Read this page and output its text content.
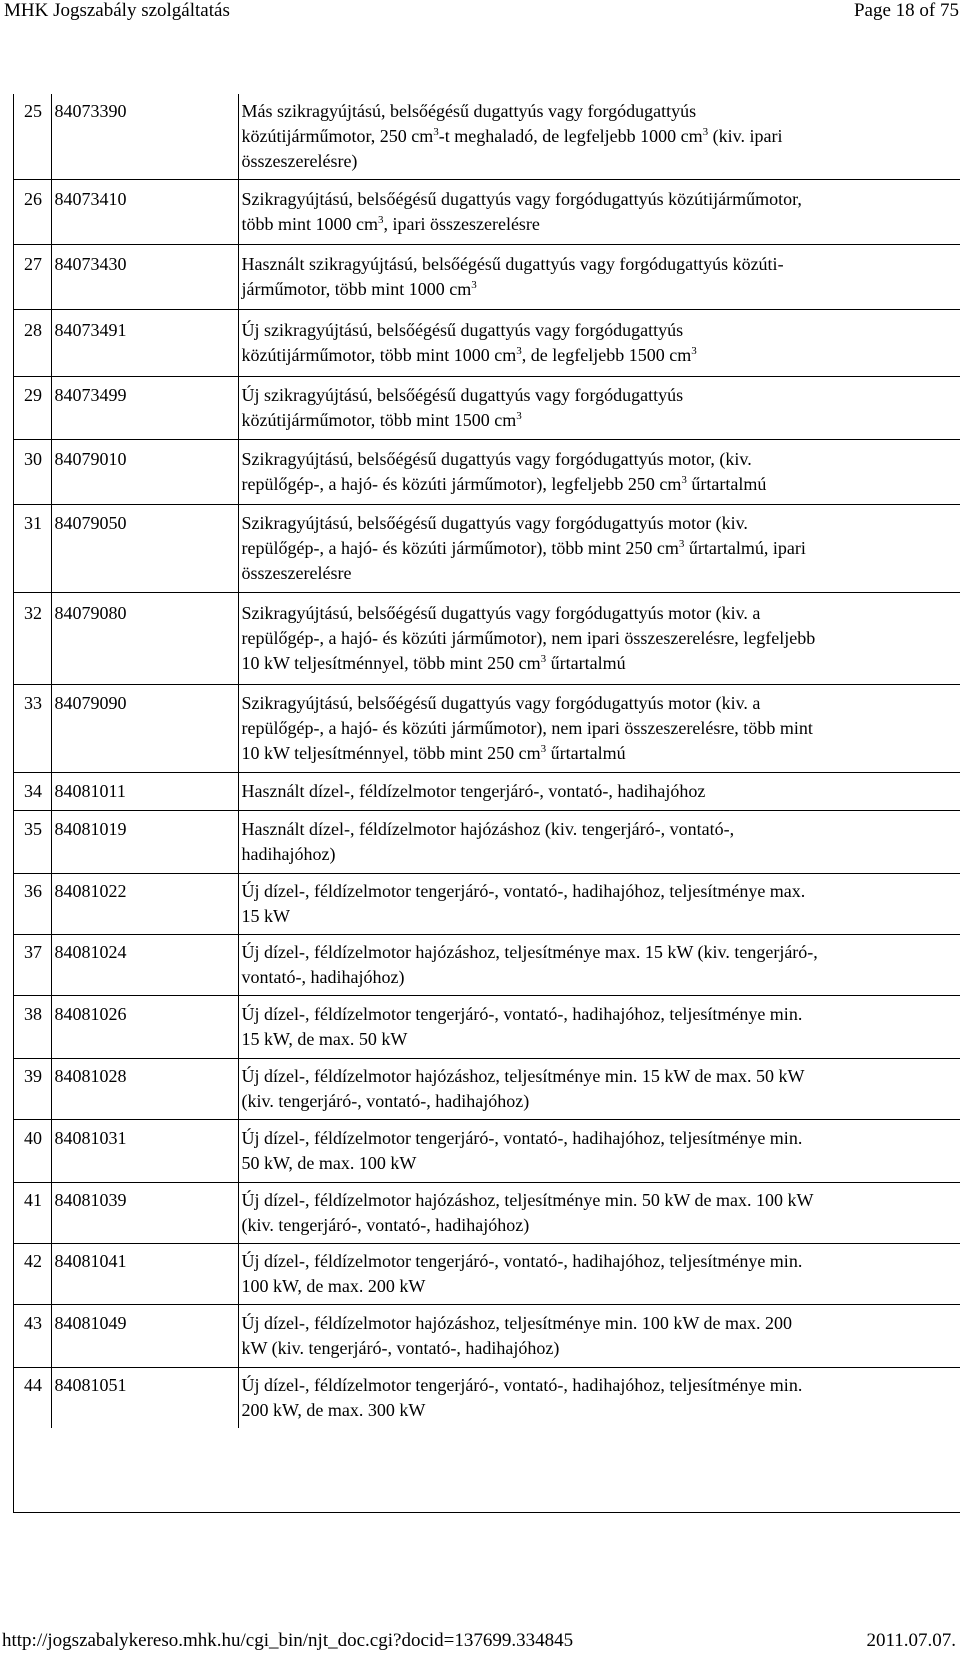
MHK Jogszabály szolgáltatás	Page 18 of 75
25	84073390	Más szikragyújtású, belsőégésű dugattyús vagy forgódugattyús
közútijárműmotor, 250 $cm^3-t$ meghaladó, de legfeljebb 1000 $cm^3$ (kiv. ipari
összeszerelésre)

26	84073410	Szikragyújtású, belsőégésű dugattyús vagy forgódugattyús közútijárműmotor,
több mint 1000 $cm^3$, ipari összeszerelésre

27	84073430	Használt szikragyújtású, belsőégésű dugattyús vagy forgódugattyús közúti-
járműmotor, több mint 1000 $cm^3$

28	84073491	Új szikragyújtású, belsőégésű dugattyús vagy forgódugattyús
közútijárműmotor, több mint 1000 $cm^3$, de legfeljebb 1500 $cm^3$

29	84073499	Új szikragyújtású, belsőégésű dugattyús vagy forgódugattyús
közútijárműmotor, több mint 1500 $cm^3$

30	84079010	Szikragyújtású, belsőégésű dugattyús vagy forgódugattyús motor, (kiv.
repülőgép-, a hajó- és közúti járműmotor), legfeljebb 250 $cm^3$ űrtartalmú

31	84079050	Szikragyújtású, belsőégésű dugattyús vagy forgódugattyús motor (kiv.
repülőgép-, a hajó- és közúti járműmotor), több mint 250 $cm^3$ űrtartalmú, ipari
összeszerelésre

32	84079080	Szikragyújtású, belsőégésű dugattyús vagy forgódugattyús motor (kiv. a
repülőgép-, a hajó- és közúti járműmotor), nem ipari összeszerelésre, legfeljebb
10 kW teljesítménnyel, több mint 250 $cm^3$ űrtartalmú

33	84079090	Szikragyújtású, belsőégésű dugattyús vagy forgódugattyús motor (kiv. a
repülőgép-, a hajó- és közúti járműmotor), nem ipari összeszerelésre, több mint
10 kW teljesítménnyel, több mint 250 $cm^3$ űrtartalmú

34	84081011	Használt dízel-, féldízelmotor tengerjáró-, vontató-, hadihajóhoz

35	84081019	Használt dízel-, féldízelmotor hajózáshoz (kiv. tengerjáró-, vontató-,
hadihajóhoz)

36	84081022	Új dízel-, féldízelmotor tengerjáró-, vontató-, hadihajóhoz, teljesítménye max.
15 kW

37	84081024	Új dízel-, féldízelmotor hajózáshoz, teljesítménye max. 15 kW (kiv. tengerjáró-,
vontató-, hadihajóhoz)

38	84081026	Új dízel-, féldízelmotor tengerjáró-, vontató-, hadihajóhoz, teljesítménye min.
15 kW, de max. 50 kW

39	84081028	Új dízel-, féldízelmotor hajózáshoz, teljesítménye min. 15 kW de max. 50 kW
(kiv. tengerjáró-, vontató-, hadihajóhoz)

40	84081031	Új dízel-, féldízelmotor tengerjáró-, vontató-, hadihajóhoz, teljesítménye min.
50 kW, de max. 100 kW

41	84081039	Új dízel-, féldízelmotor hajózáshoz, teljesítménye min. 50 kW de max. 100 kW
(kiv. tengerjáró-, vontató-, hadihajóhoz)

42	84081041	Új dízel-, féldízelmotor tengerjáró-, vontató-, hadihajóhoz, teljesítménye min.
100 kW, de max. 200 kW

43	84081049	Új dízel-, féldízelmotor hajózáshoz, teljesítménye min. 100 kW de max. 200
kW (kiv. tengerjáró-, vontató-, hadihajóhoz)

44	84081051	Új dízel-, féldízelmotor tengerjáró-, vontató-, hadihajóhoz, teljesítménye min.
200 kW, de max. 300 kW
http://jogszabalykereso.mhk.hu/cgi_bin/njt_doc.cgi?docid=137699.334845	2011.07.07.
